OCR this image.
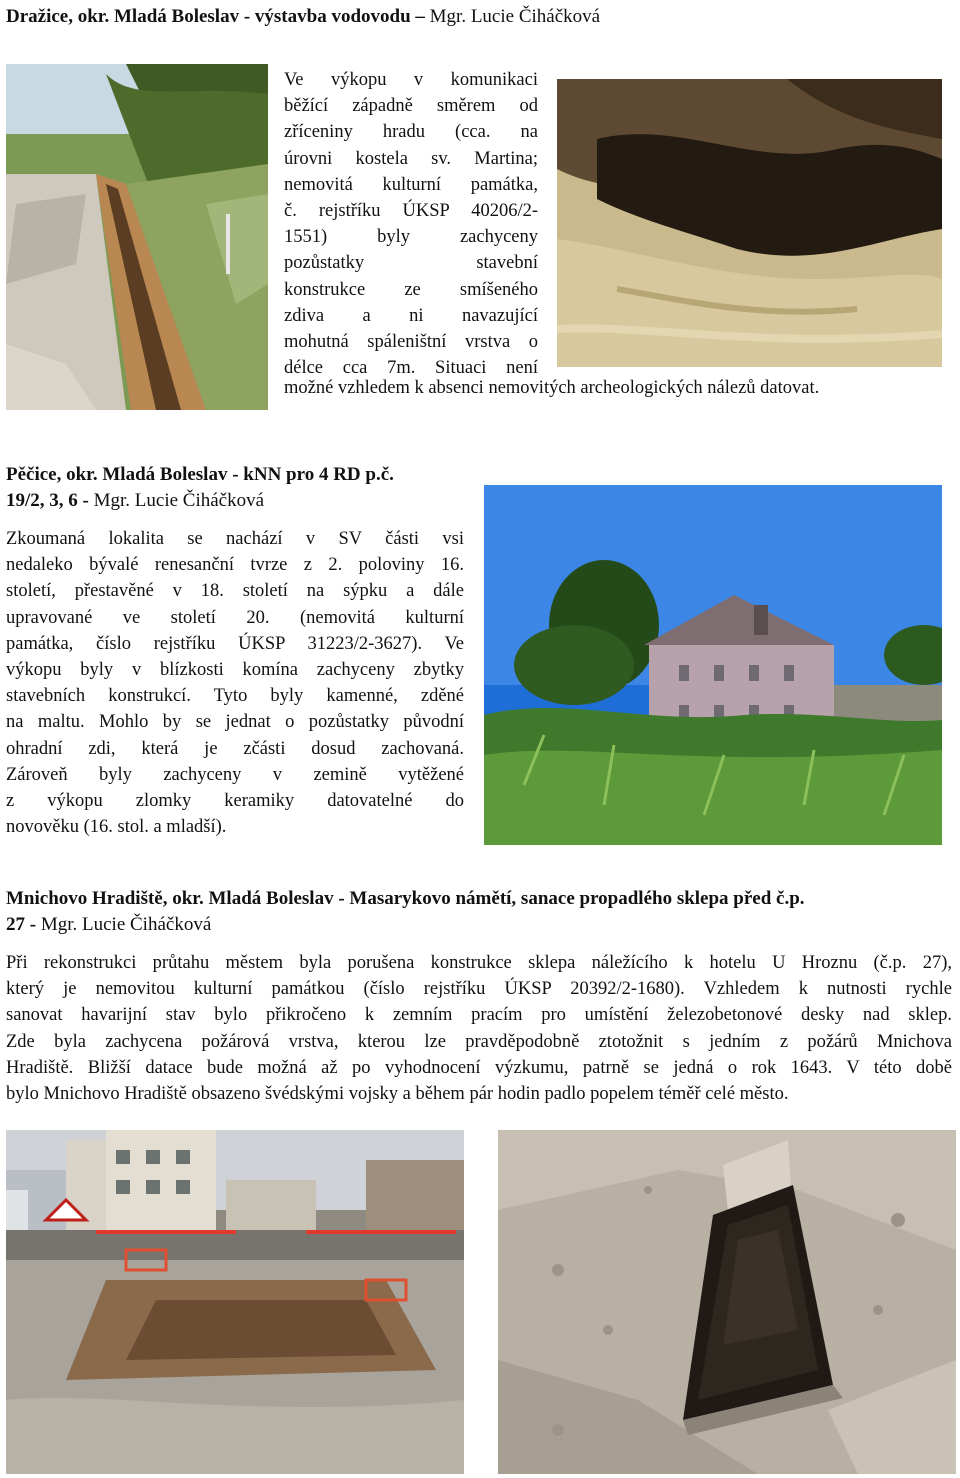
Dražice, okr. Mladá Boleslav - výstavba vodovodu – Mgr. Lucie Čiháčková

Ve výkopu v komunikaci

běžící západně směrem od

zříceniny hradu (cca. na

úrovni kostela sv. Martina;

nemovitá kulturní památka,

č. rejstříku ÚKSP 40206/2-

1551) byly zachyceny

pozůstatky stavební

konstrukce ze smíšeného

zdiva a ni navazující

mohutná spáleništní vrstva o

délce cca 7m. Situaci není

možné vzhledem k absenci nemovitých archeologických nálezů datovat.

Pěčice, okr. Mladá Boleslav - kNN pro 4 RD p.č.
19/2, 3, 6 - Mgr. Lucie Čiháčková

Zkoumaná lokalita se nachází v SV části vsi

nedaleko bývalé renesanční tvrze z 2. poloviny 16.

století, přestavěné v 18. století na sýpku a dále

upravované ve století 20. (nemovitá kulturní

památka, číslo rejstříku ÚKSP 31223/2-3627). Ve

výkopu byly v blízkosti komína zachyceny zbytky

stavebních konstrukcí. Tyto byly kamenné, zděné

na maltu. Mohlo by se jednat o pozůstatky původní

ohradní zdi, která je zčásti dosud zachovaná.

Zároveň byly zachyceny v zemině vytěžené

z výkopu zlomky keramiky datovatelné do

novověku (16. stol. a mladší).

Mnichovo Hradiště, okr. Mladá Boleslav - Masarykovo námětí, sanace propadlého sklepa před č.p.
27 - Mgr. Lucie Čiháčková

Při rekonstrukci průtahu městem byla porušena konstrukce sklepa náležícího k hotelu U Hroznu (č.p. 27),

který je nemovitou kulturní památkou (číslo rejstříku ÚKSP 20392/2-1680). Vzhledem k nutnosti rychle

sanovat havarijní stav bylo přikročeno k zemním pracím pro umístění železobetonové desky nad sklep.

Zde byla zachycena požárová vrstva, kterou lze pravděpodobně ztotožnit s jedním z požárů Mnichova

Hradiště. Bližší datace bude možná až po vyhodnocení výzkumu, patrně se jedná o rok 1643. V této době

bylo Mnichovo Hradiště obsazeno švédskými vojsky a během pár hodin padlo popelem téměř celé město.
